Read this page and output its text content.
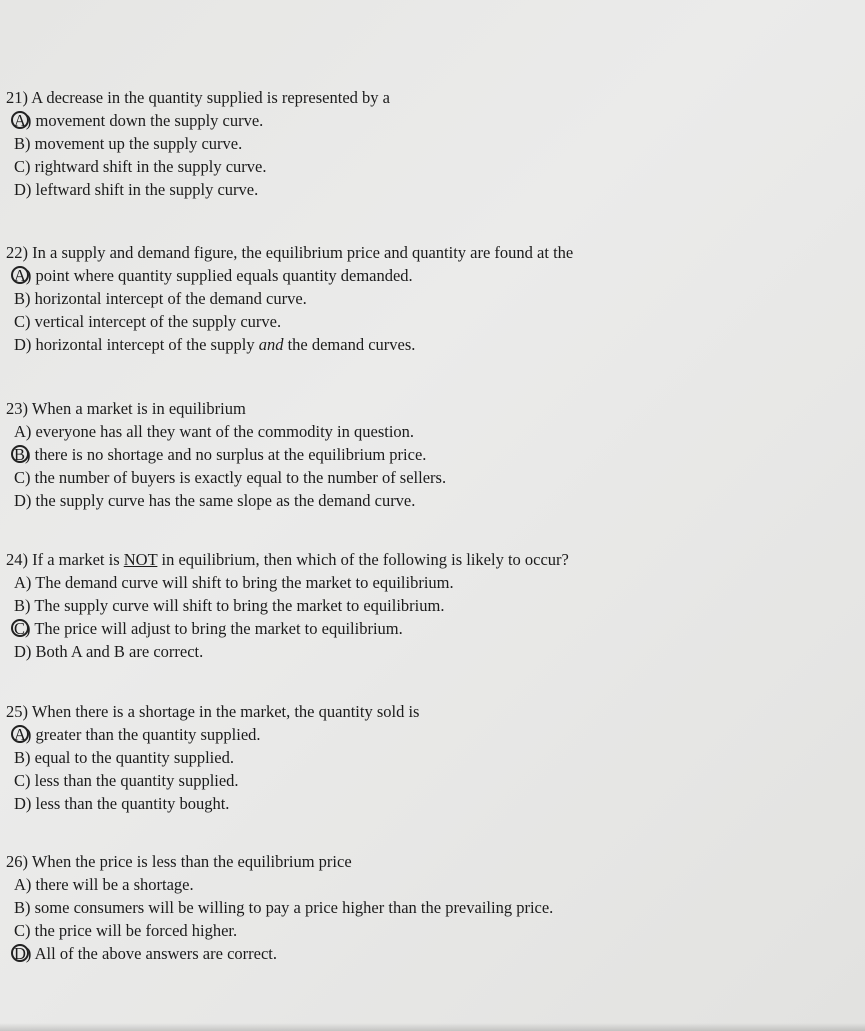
21) A decrease in the quantity supplied is represented by a
A) movement down the supply curve.
B) movement up the supply curve.
C) rightward shift in the supply curve.
D) leftward shift in the supply curve.
22) In a supply and demand figure, the equilibrium price and quantity are found at the
A) point where quantity supplied equals quantity demanded.
B) horizontal intercept of the demand curve.
C) vertical intercept of the supply curve.
D) horizontal intercept of the supply and the demand curves.
23) When a market is in equilibrium
A) everyone has all they want of the commodity in question.
B) there is no shortage and no surplus at the equilibrium price.
C) the number of buyers is exactly equal to the number of sellers.
D) the supply curve has the same slope as the demand curve.
24) If a market is NOT in equilibrium, then which of the following is likely to occur?
A) The demand curve will shift to bring the market to equilibrium.
B) The supply curve will shift to bring the market to equilibrium.
C) The price will adjust to bring the market to equilibrium.
D) Both A and B are correct.
25) When there is a shortage in the market, the quantity sold is
A) greater than the quantity supplied.
B) equal to the quantity supplied.
C) less than the quantity supplied.
D) less than the quantity bought.
26) When the price is less than the equilibrium price
A) there will be a shortage.
B) some consumers will be willing to pay a price higher than the prevailing price.
C) the price will be forced higher.
D) All of the above answers are correct.
